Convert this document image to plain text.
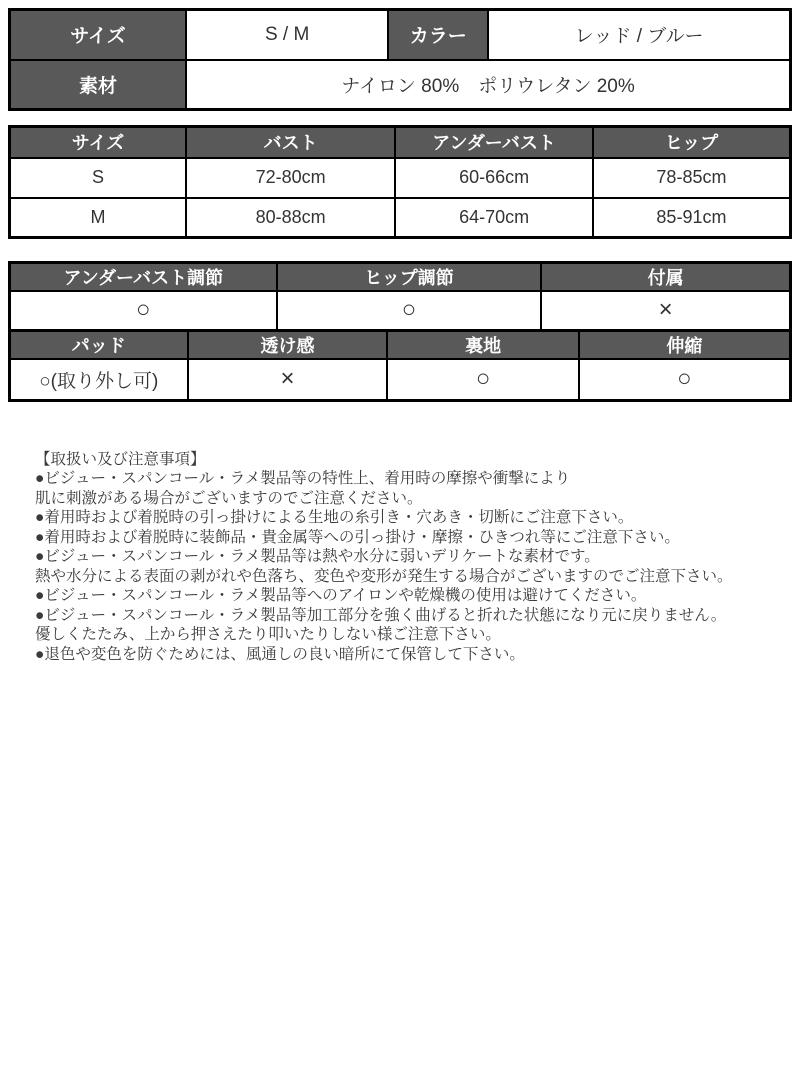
サイズ	S / M	カラー	レッド / ブルー
素材	ナイロン 80%　ポリウレタン 20%		
サイズ	バスト	アンダーバスト	ヒップ
S	72-80cm	60-66cm	78-85cm
M	80-88cm	64-70cm	85-91cm
アンダーバスト調節	ヒップ調節	付属
○	○	×
パッド	透け感	裏地	伸縮
○(取り外し可)	×	○	○
【取扱い及び注意事項】
●ビジュー・スパンコール・ラメ製品等の特性上、着用時の摩擦や衝撃により
肌に刺激がある場合がございますのでご注意ください。
●着用時および着脱時の引っ掛けによる生地の糸引き・穴あき・切断にご注意下さい。
●着用時および着脱時に装飾品・貴金属等への引っ掛け・摩擦・ひきつれ等にご注意下さい。
●ビジュー・スパンコール・ラメ製品等は熱や水分に弱いデリケートな素材です。
熱や水分による表面の剥がれや色落ち、変色や変形が発生する場合がございますのでご注意下さい。
●ビジュー・スパンコール・ラメ製品等へのアイロンや乾燥機の使用は避けてください。
●ビジュー・スパンコール・ラメ製品等加工部分を強く曲げると折れた状態になり元に戻りません。
優しくたたみ、上から押さえたり叩いたりしない様ご注意下さい。
●退色や変色を防ぐためには、風通しの良い暗所にて保管して下さい。
